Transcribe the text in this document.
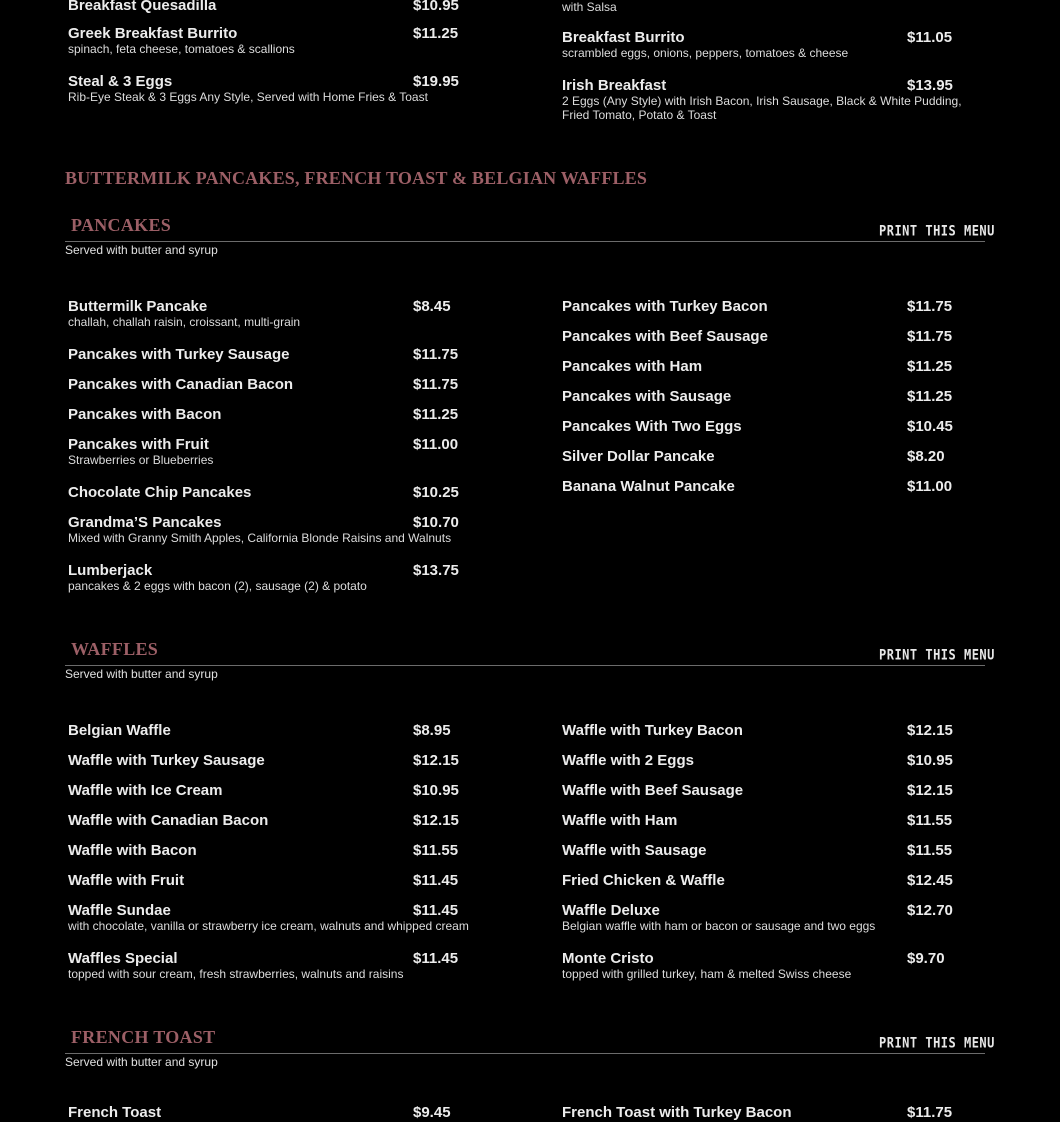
Breakfast Quesadilla	$10.95
Greek Breakfast Burrito	$11.25
spinach, feta cheese, tomatoes & scallions
Steal & 3 Eggs	$19.95
Rib-Eye Steak & 3 Eggs Any Style, Served with Home Fries & Toast
with Salsa
Breakfast Burrito	$11.05
scrambled eggs, onions, peppers, tomatoes & cheese
Irish Breakfast	$13.95
2 Eggs (Any Style) with Irish Bacon, Irish Sausage, Black & White Pudding, Fried Tomato, Potato & Toast
BUTTERMILK PANCAKES, FRENCH TOAST & BELGIAN WAFFLES
PANCAKES	PRINT THIS MENU
Served with butter and syrup
Buttermilk Pancake	$8.45
challah, challah raisin, croissant, multi-grain
Pancakes with Turkey Sausage	$11.75
Pancakes with Canadian Bacon	$11.75
Pancakes with Bacon	$11.25
Pancakes with Fruit	$11.00
Strawberries or Blueberries
Chocolate Chip Pancakes	$10.25
Grandma’S Pancakes	$10.70
Mixed with Granny Smith Apples, California Blonde Raisins and Walnuts
Lumberjack	$13.75
pancakes & 2 eggs with bacon (2), sausage (2) & potato
Pancakes with Turkey Bacon	$11.75
Pancakes with Beef Sausage	$11.75
Pancakes with Ham	$11.25
Pancakes with Sausage	$11.25
Pancakes With Two Eggs	$10.45
Silver Dollar Pancake	$8.20
Banana Walnut Pancake	$11.00
WAFFLES	PRINT THIS MENU
Served with butter and syrup
Belgian Waffle	$8.95
Waffle with Turkey Sausage	$12.15
Waffle with Ice Cream	$10.95
Waffle with Canadian Bacon	$12.15
Waffle with Bacon	$11.55
Waffle with Fruit	$11.45
Waffle Sundae	$11.45
with chocolate, vanilla or strawberry ice cream, walnuts and whipped cream
Waffles Special	$11.45
topped with sour cream, fresh strawberries, walnuts and raisins
Waffle with Turkey Bacon	$12.15
Waffle with 2 Eggs	$10.95
Waffle with Beef Sausage	$12.15
Waffle with Ham	$11.55
Waffle with Sausage	$11.55
Fried Chicken & Waffle	$12.45
Waffle Deluxe	$12.70
Belgian waffle with ham or bacon or sausage and two eggs
Monte Cristo	$9.70
topped with grilled turkey, ham & melted Swiss cheese
FRENCH TOAST	PRINT THIS MENU
Served with butter and syrup
French Toast	$9.45	French Toast with Turkey Bacon	$11.75
